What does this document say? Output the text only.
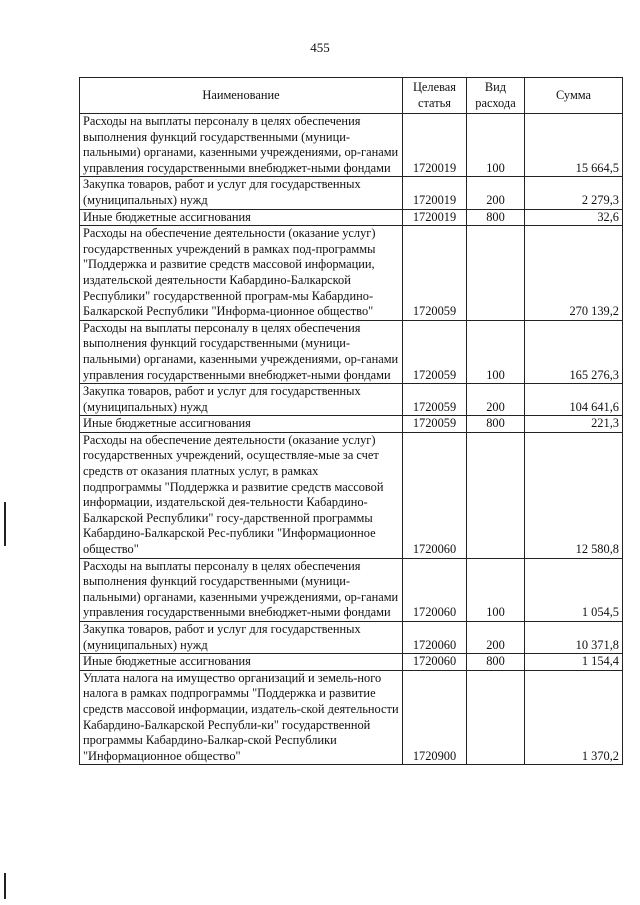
455
Наименование	Целевая статья	Вид расхода	Сумма
Расходы на выплаты персоналу в целях обеспечения выполнения функций государственными (муници-пальными) органами, казенными учреждениями, ор-ганами управления государственными внебюджет-ными фондами	1720019	100	15 664,5
Закупка товаров, работ и услуг для государственных (муниципальных) нужд	1720019	200	2 279,3
Иные бюджетные ассигнования	1720019	800	32,6
Расходы на обеспечение деятельности (оказание услуг) государственных учреждений в рамках под-программы "Поддержка и развитие средств массовой информации, издательской деятельности Кабардино-Балкарской Республики" государственной програм-мы Кабардино-Балкарской Республики "Информа-ционное общество"	1720059		270 139,2
Расходы на выплаты персоналу в целях обеспечения выполнения функций государственными (муници-пальными) органами, казенными учреждениями, ор-ганами управления государственными внебюджет-ными фондами	1720059	100	165 276,3
Закупка товаров, работ и услуг для государственных (муниципальных) нужд	1720059	200	104 641,6
Иные бюджетные ассигнования	1720059	800	221,3
Расходы на обеспечение деятельности (оказание услуг) государственных учреждений, осуществляе-мые за счет средств от оказания платных услуг, в рамках подпрограммы "Поддержка и развитие средств массовой информации, издательской дея-тельности Кабардино-Балкарской Республики" госу-дарственной программы Кабардино-Балкарской Рес-публики "Информационное общество"	1720060		12 580,8
Расходы на выплаты персоналу в целях обеспечения выполнения функций государственными (муници-пальными) органами, казенными учреждениями, ор-ганами управления государственными внебюджет-ными фондами	1720060	100	1 054,5
Закупка товаров, работ и услуг для государственных (муниципальных) нужд	1720060	200	10 371,8
Иные бюджетные ассигнования	1720060	800	1 154,4
Уплата налога на имущество организаций и земель-ного налога в рамках подпрограммы "Поддержка и развитие средств массовой информации, издатель-ской деятельности Кабардино-Балкарской Республи-ки" государственной программы Кабардино-Балкар-ской Республики "Информационное общество"	1720900		1 370,2
